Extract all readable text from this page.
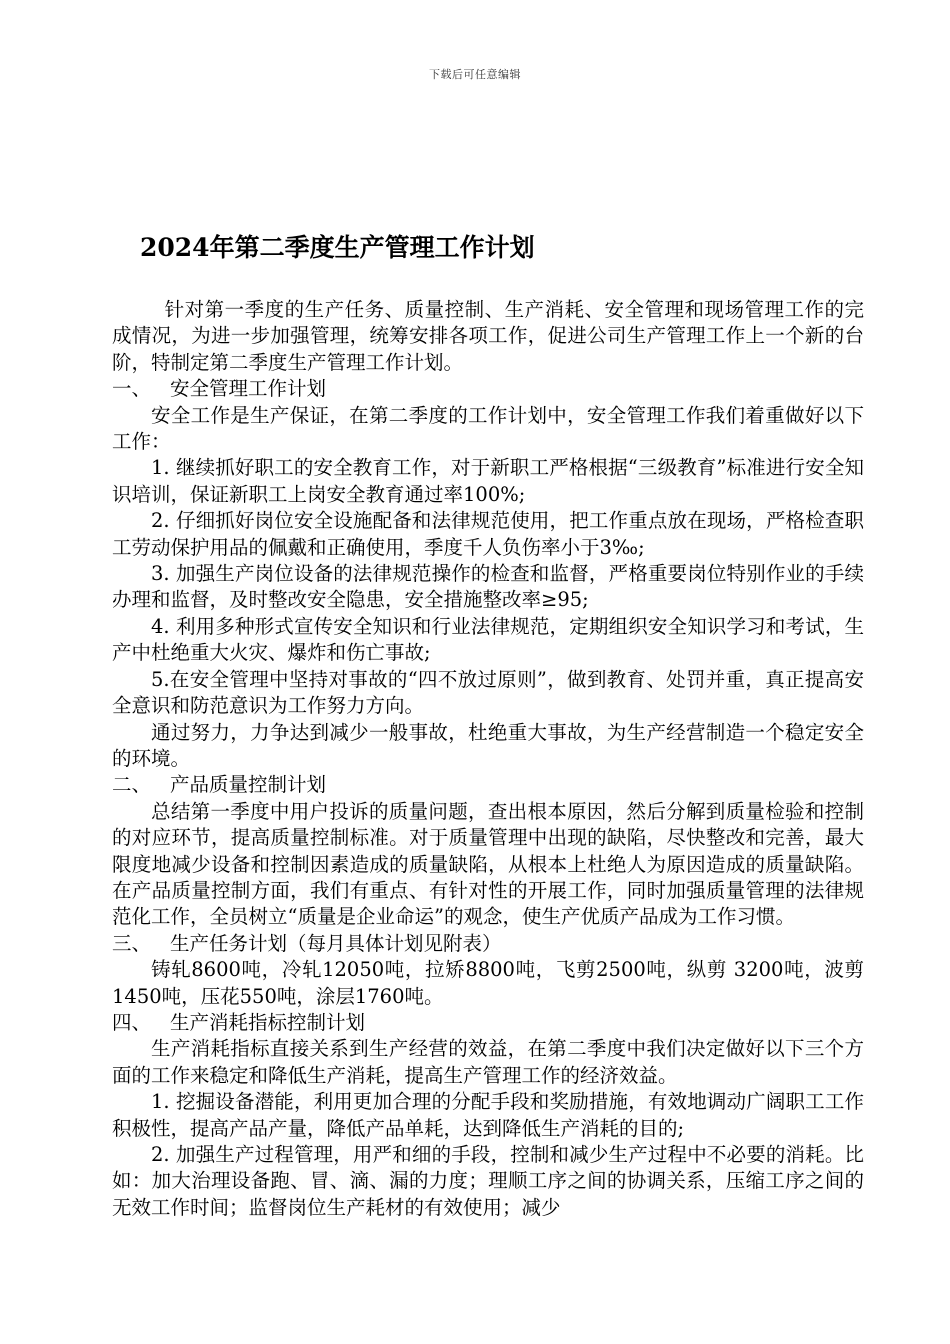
下载后可任意编辑
2024年第二季度生产管理工作计划

针对第一季度的生产任务、质量控制、生产消耗、安全管理和现场管理工作的完成情况，为进一步加强管理，统筹安排各项工作，促进公司生产管理工作上一个新的台阶，特制定第二季度生产管理工作计划。

一、 安全管理工作计划

安全工作是生产保证，在第二季度的工作计划中，安全管理工作我们着重做好以下工作：

1. 继续抓好职工的安全教育工作，对于新职工严格根据“三级教育”标准进行安全知识培训，保证新职工上岗安全教育通过率100%;

2. 仔细抓好岗位安全设施配备和法律规范使用，把工作重点放在现场，严格检查职工劳动保护用品的佩戴和正确使用，季度千人负伤率小于3‰;

3. 加强生产岗位设备的法律规范操作的检查和监督，严格重要岗位特别作业的手续办理和监督，及时整改安全隐患，安全措施整改率≥95;

4. 利用多种形式宣传安全知识和行业法律规范，定期组织安全知识学习和考试，生产中杜绝重大火灾、爆炸和伤亡事故;

5.在安全管理中坚持对事故的“四不放过原则”，做到教育、处罚并重，真正提高安全意识和防范意识为工作努力方向。

通过努力，力争达到减少一般事故，杜绝重大事故，为生产经营制造一个稳定安全的环境。

二、 产品质量控制计划

总结第一季度中用户投诉的质量问题，查出根本原因，然后分解到质量检验和控制的对应环节，提高质量控制标准。对于质量管理中出现的缺陷，尽快整改和完善，最大限度地减少设备和控制因素造成的质量缺陷，从根本上杜绝人为原因造成的质量缺陷。在产品质量控制方面，我们有重点、有针对性的开展工作，同时加强质量管理的法律规范化工作，全员树立“质量是企业命运”的观念，使生产优质产品成为工作习惯。

三、 生产任务计划（每月具体计划见附表）

铸轧8600吨，冷轧12050吨，拉矫8800吨，飞剪2500吨，纵剪 3200吨，波剪1450吨，压花550吨，涂层1760吨。

四、 生产消耗指标控制计划

生产消耗指标直接关系到生产经营的效益，在第二季度中我们决定做好以下三个方面的工作来稳定和降低生产消耗，提高生产管理工作的经济效益。

1. 挖掘设备潜能，利用更加合理的分配手段和奖励措施，有效地调动广阔职工工作积极性，提高产品产量，降低产品单耗，达到降低生产消耗的目的;

2. 加强生产过程管理，用严和细的手段，控制和减少生产过程中不必要的消耗。比如：加大治理设备跑、冒、滴、漏的力度；理顺工序之间的协调关系，压缩工序之间的无效工作时间；监督岗位生产耗材的有效使用；减少
